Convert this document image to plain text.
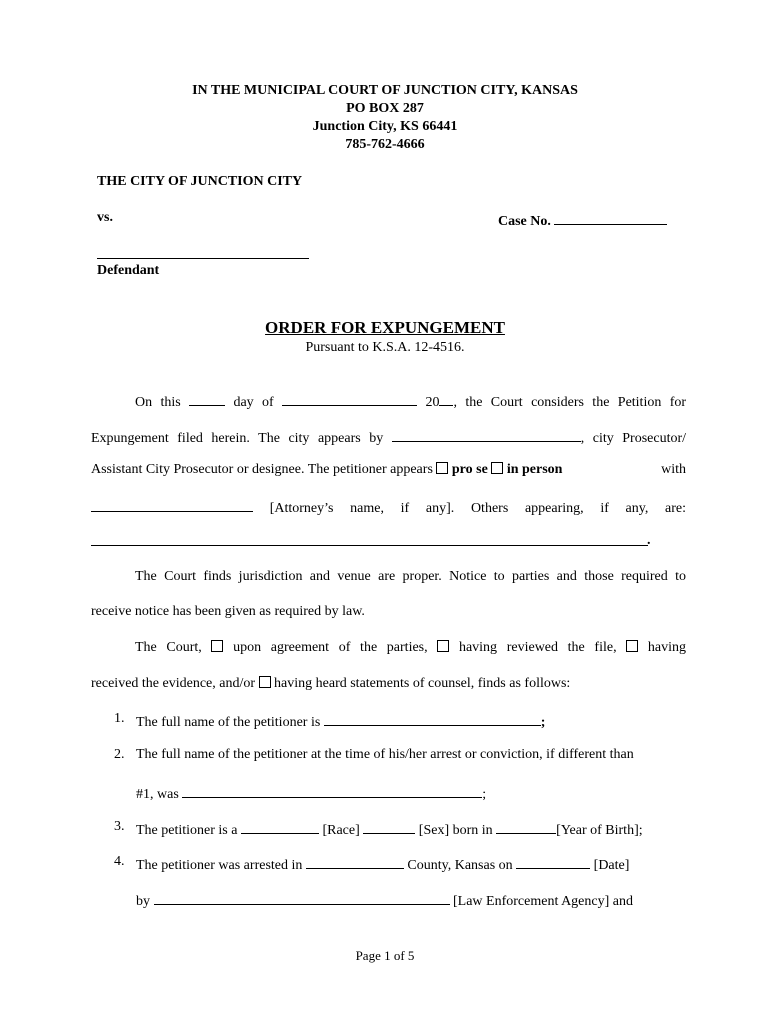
IN THE MUNICIPAL COURT OF JUNCTION CITY, KANSAS
PO BOX 287
Junction City, KS 66441
785-762-4666
THE CITY OF JUNCTION CITY
vs.	Case No.
Defendant
ORDER FOR EXPUNGEMENT
Pursuant to K.S.A. 12-4516.
On this	day of	20 , the Court considers the Petition for
Expungement filed herein. The city appears by	, city Prosecutor/
Assistant City Prosecutor or designee. The petitioner appears pro se in person	with
[Attorney’s name, if any]. Others appearing, if any, are:
.
The Court finds jurisdiction and venue are proper. Notice to parties and those required to
receive notice has been given as required by law.
The Court, upon agreement of the parties, having reviewed the file, having
received the evidence, and/or having heard statements of counsel, finds as follows:
1. The full name of the petitioner is	;
2. The full name of the petitioner at the time of his/her arrest or conviction, if different than
#1, was	;
3. The petitioner is a	[Race]	[Sex] born in	[Year of Birth];
4. The petitioner was arrested in	County, Kansas on	[Date]
by	[Law Enforcement Agency] and
Page 1 of 5
